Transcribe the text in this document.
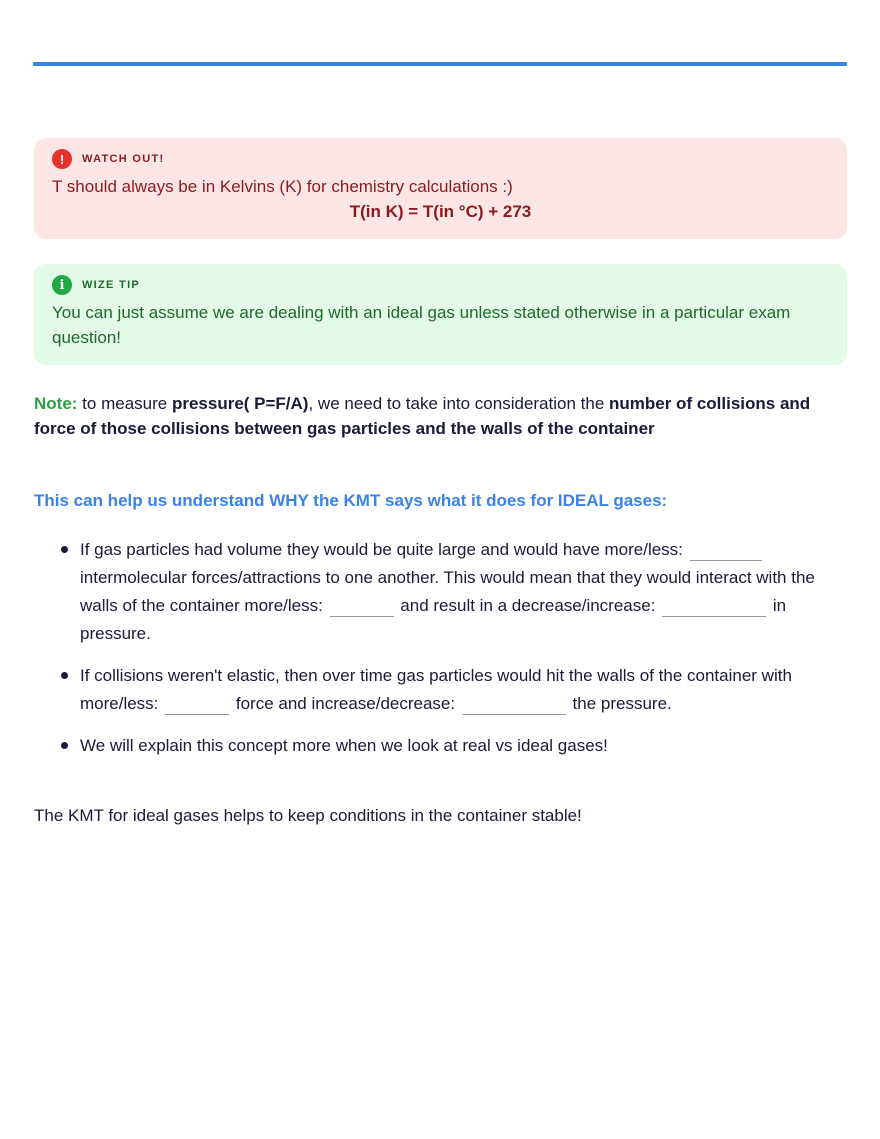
!	WATCH OUT!
T should always be in Kelvins (K) for chemistry calculations :)
T(in K) = T(in °C) + 273
i	WIZE TIP
You can just assume we are dealing with an ideal gas unless stated otherwise in a particular exam question!

Note: to measure pressure( P=F/A), we need to take into consideration the number of collisions and force of those collisions between gas particles and the walls of the container

This can help us understand WHY the KMT says what it does for IDEAL gases:
If gas particles had volume they would be quite large and would have more/less:  intermolecular forces/attractions to one another. This would mean that they would interact with the walls of the container more/less:	and result in a decrease/increase:	in pressure.
If collisions weren't elastic, then over time gas particles would hit the walls of the container with more/less:	force and increase/decrease:	the pressure.
We will explain this concept more when we look at real vs ideal gases!

The KMT for ideal gases helps to keep conditions in the container stable!
